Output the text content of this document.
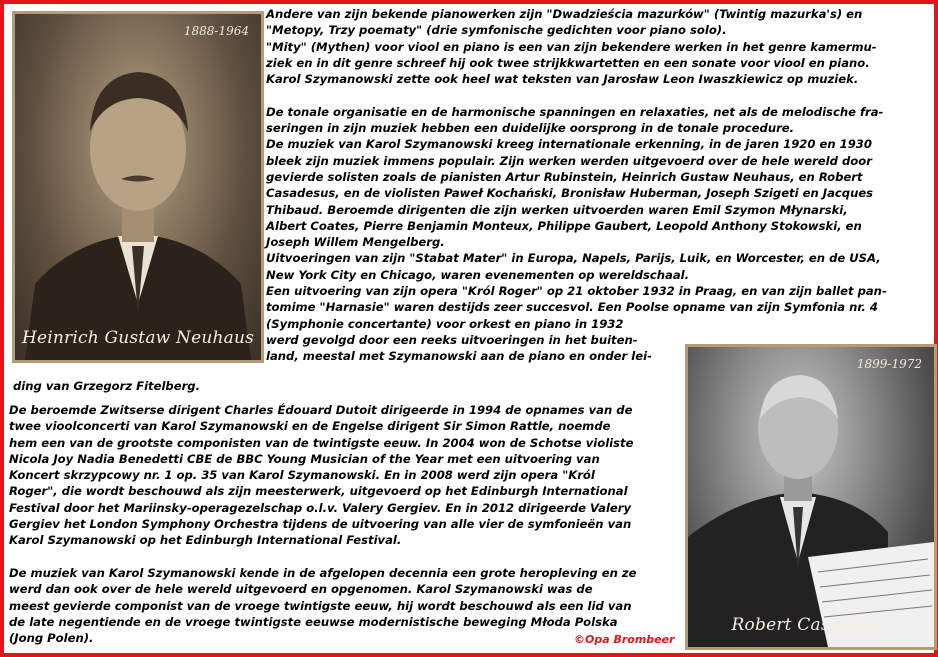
1888-1964
Heinrich Gustaw Neuhaus
Andere van zijn bekende pianowerken zijn "Dwadzieścia mazurków" (Twintig mazurka's) en
"Metopy, Trzy poematy" (drie symfonische gedichten voor piano solo).
"Mity" (Mythen) voor viool en piano is een van zijn bekendere werken in het genre kamermu-
ziek en in dit genre schreef hij ook twee strijkkwartetten en een sonate voor viool en piano.
Karol Szymanowski zette ook heel wat teksten van Jarosław Leon Iwaszkiewicz op muziek.

De tonale organisatie en de harmonische spanningen en relaxaties, net als de melodische fra-
seringen in zijn muziek hebben een duidelijke oorsprong in de tonale procedure.
De muziek van Karol Szymanowski kreeg internationale erkenning, in de jaren 1920 en 1930
bleek zijn muziek immens populair. Zijn werken werden uitgevoerd over de hele wereld door
gevierde solisten zoals de pianisten Artur Rubinstein, Heinrich Gustaw Neuhaus, en Robert
Casadesus, en de violisten Paweł Kochański, Bronisław Huberman, Joseph Szigeti en Jacques
Thibaud. Beroemde dirigenten die zijn werken uitvoerden waren Emil Szymon Młynarski,
Albert Coates, Pierre Benjamin Monteux, Philippe Gaubert, Leopold Anthony Stokowski, en
Joseph Willem Mengelberg.
Uitvoeringen van zijn "Stabat Mater" in Europa, Napels, Parijs, Luik, en Worcester, en de USA,
New York City en Chicago, waren evenementen op wereldschaal.
Een uitvoering van zijn opera "Król Roger" op 21 oktober 1932 in Praag, en van zijn ballet pan-
tomime "Harnasie" waren destijds zeer succesvol. Een Poolse opname van zijn Symfonia nr. 4
(Symphonie concertante) voor orkest en piano in 1932
werd gevolgd door een reeks uitvoeringen in het buiten-
land, meestal met Szymanowski aan de piano en onder lei-
ding van Grzegorz Fitelberg.
De beroemde Zwitserse dirigent Charles Édouard Dutoit dirigeerde in 1994 de opnames van de
twee vioolconcerti van Karol Szymanowski en de Engelse dirigent Sir Simon Rattle, noemde
hem een van de grootste componisten van de twintigste eeuw. In 2004 won de Schotse violiste
Nicola Joy Nadia Benedetti CBE de BBC Young Musician of the Year met een uitvoering van
Koncert skrzypcowy nr. 1 op. 35 van Karol Szymanowski. En in 2008 werd zijn opera "Król
Roger", die wordt beschouwd als zijn meesterwerk, uitgevoerd op het Edinburgh International
Festival door het Mariinsky-operagezelschap o.l.v. Valery Gergiev. En in 2012 dirigeerde Valery
Gergiev het London Symphony Orchestra tijdens de uitvoering van alle vier de symfonieën van
Karol Szymanowski op het Edinburgh International Festival.

De muziek van Karol Szymanowski kende in de afgelopen decennia een grote heropleving en ze
werd dan ook over de hele wereld uitgevoerd en opgenomen. Karol Szymanowski was de
meest gevierde componist van de vroege twintigste eeuw, hij wordt beschouwd als een lid van
de late negentiende en de vroege twintigste eeuwse modernistische beweging Młoda Polska
(Jong Polen).
1899-1972
Robert Casadesus
©Opa Brombeer
